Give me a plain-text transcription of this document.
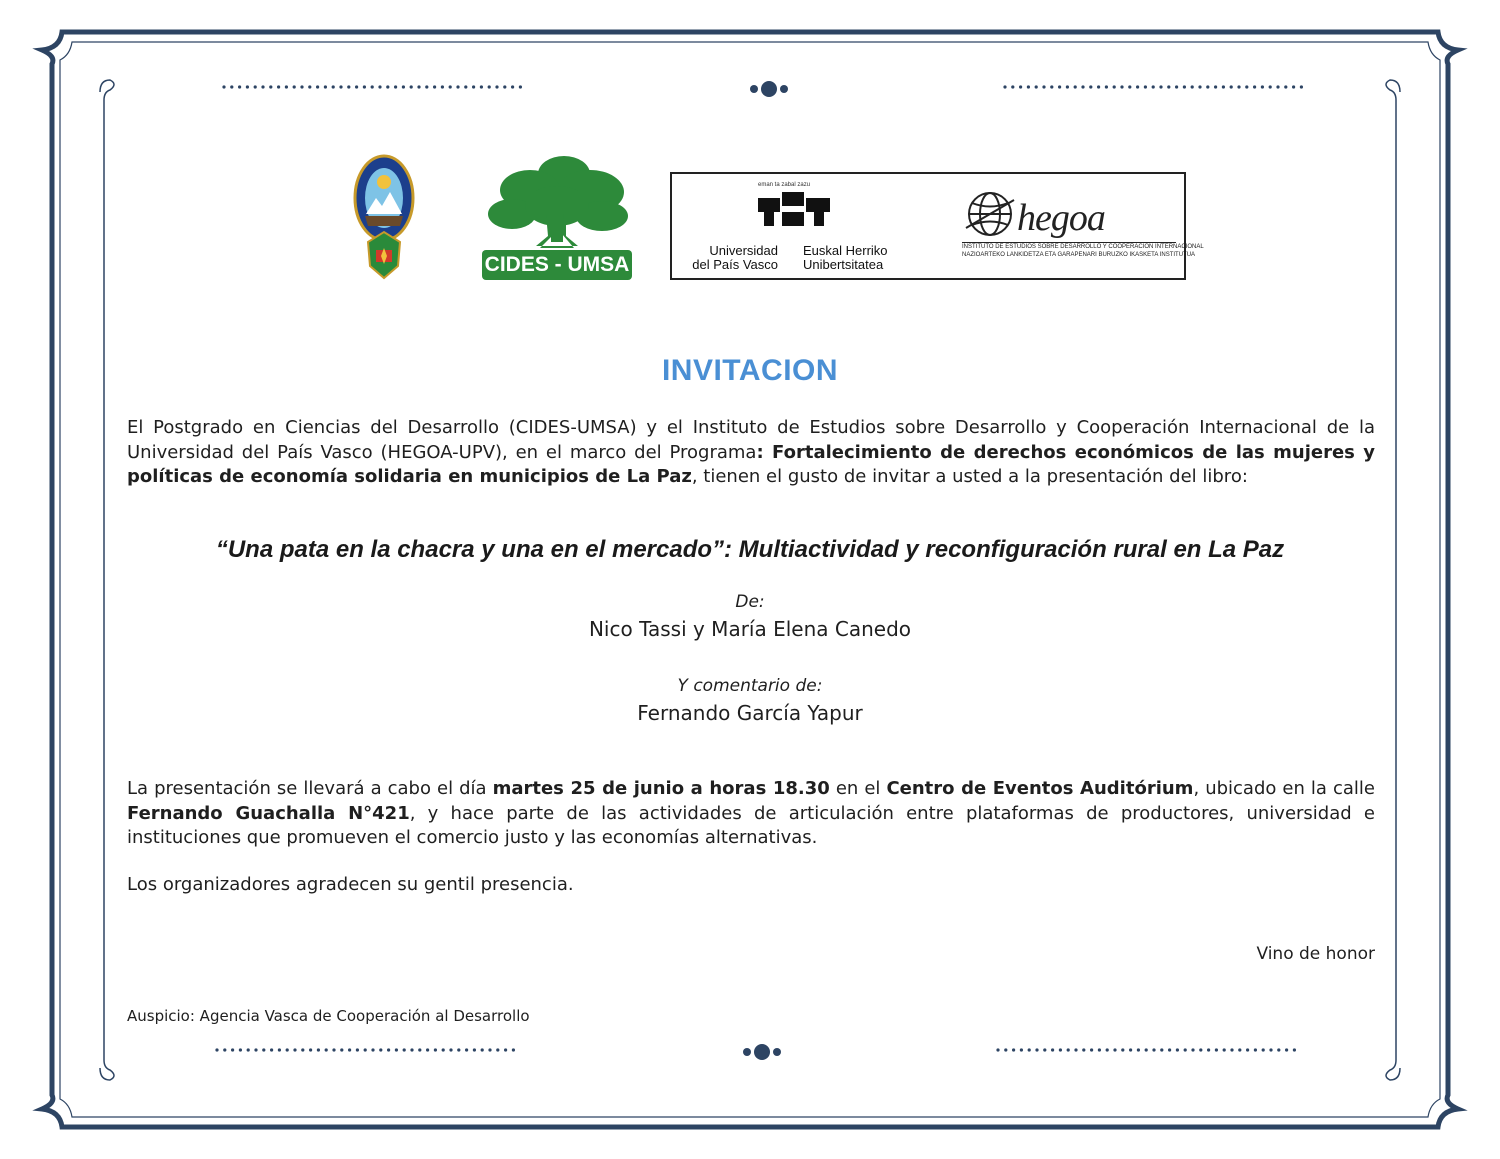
CIDES - UMSA
eman ta zabal zazu
Universidad
del País Vasco
Euskal Herriko
Unibertsitatea
hegoa
INSTITUTO DE ESTUDIOS SOBRE DESARROLLO Y COOPERACIÓN INTERNACIONAL
NAZIOARTEKO LANKIDETZA ETA GARAPENARI BURUZKO IKASKETA INSTITUTUA
INVITACION

El Postgrado en Ciencias del Desarrollo (CIDES-UMSA) y el Instituto de Estudios sobre Desarrollo y Cooperación Internacional de la Universidad del País Vasco (HEGOA-UPV), en el marco del Programa: Fortalecimiento de derechos económicos de las mujeres y políticas de economía solidaria en municipios de La Paz, tienen el gusto de invitar a usted a la presentación del libro:

“Una pata en la chacra y una en el mercado”: Multiactividad y reconfiguración rural en La Paz
De:
Nico Tassi y María Elena Canedo
Y comentario de:
Fernando García Yapur

La presentación se llevará a cabo el día martes 25 de junio a horas 18.30 en el Centro de Eventos Auditórium, ubicado en la calle Fernando Guachalla N°421, y hace parte de las actividades de articulación entre plataformas de productores, universidad e instituciones que promueven el comercio justo y las economías alternativas.

Los organizadores agradecen su gentil presencia.

Vino de honor
Auspicio: Agencia Vasca de Cooperación al Desarrollo
